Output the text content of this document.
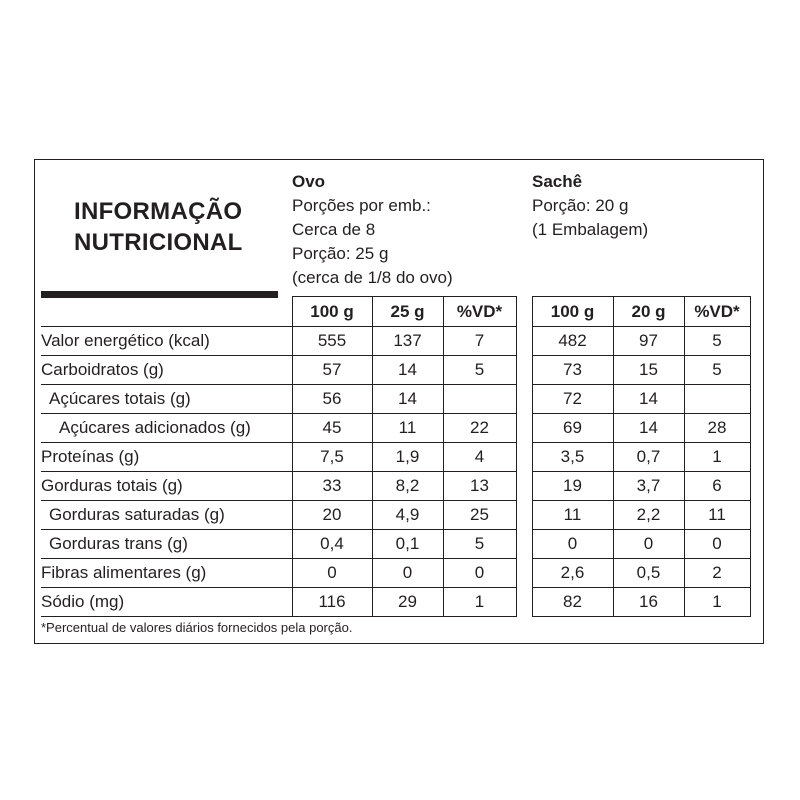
INFORMAÇÃO
NUTRICIONAL
Ovo
Porções por emb.:
Cerca de 8
Porção: 25 g
(cerca de 1/8 do ovo)
Sachê
Porção: 20 g
(1 Embalagem)
	100 g	25 g	%VD*		100 g	20 g	%VD*
Valor energético (kcal)	555	137	7		482	97	5
Carboidratos (g)	57	14	5		73	15	5
Açúcares totais (g)	56	14			72	14	
Açúcares adicionados (g)	45	11	22		69	14	28
Proteínas (g)	7,5	1,9	4		3,5	0,7	1
Gorduras totais (g)	33	8,2	13		19	3,7	6
Gorduras saturadas (g)	20	4,9	25		11	2,2	11
Gorduras trans (g)	0,4	0,1	5		0	0	0
Fibras alimentares (g)	0	0	0		2,6	0,5	2
Sódio (mg)	116	29	1		82	16	1
*Percentual de valores diários fornecidos pela porção.
